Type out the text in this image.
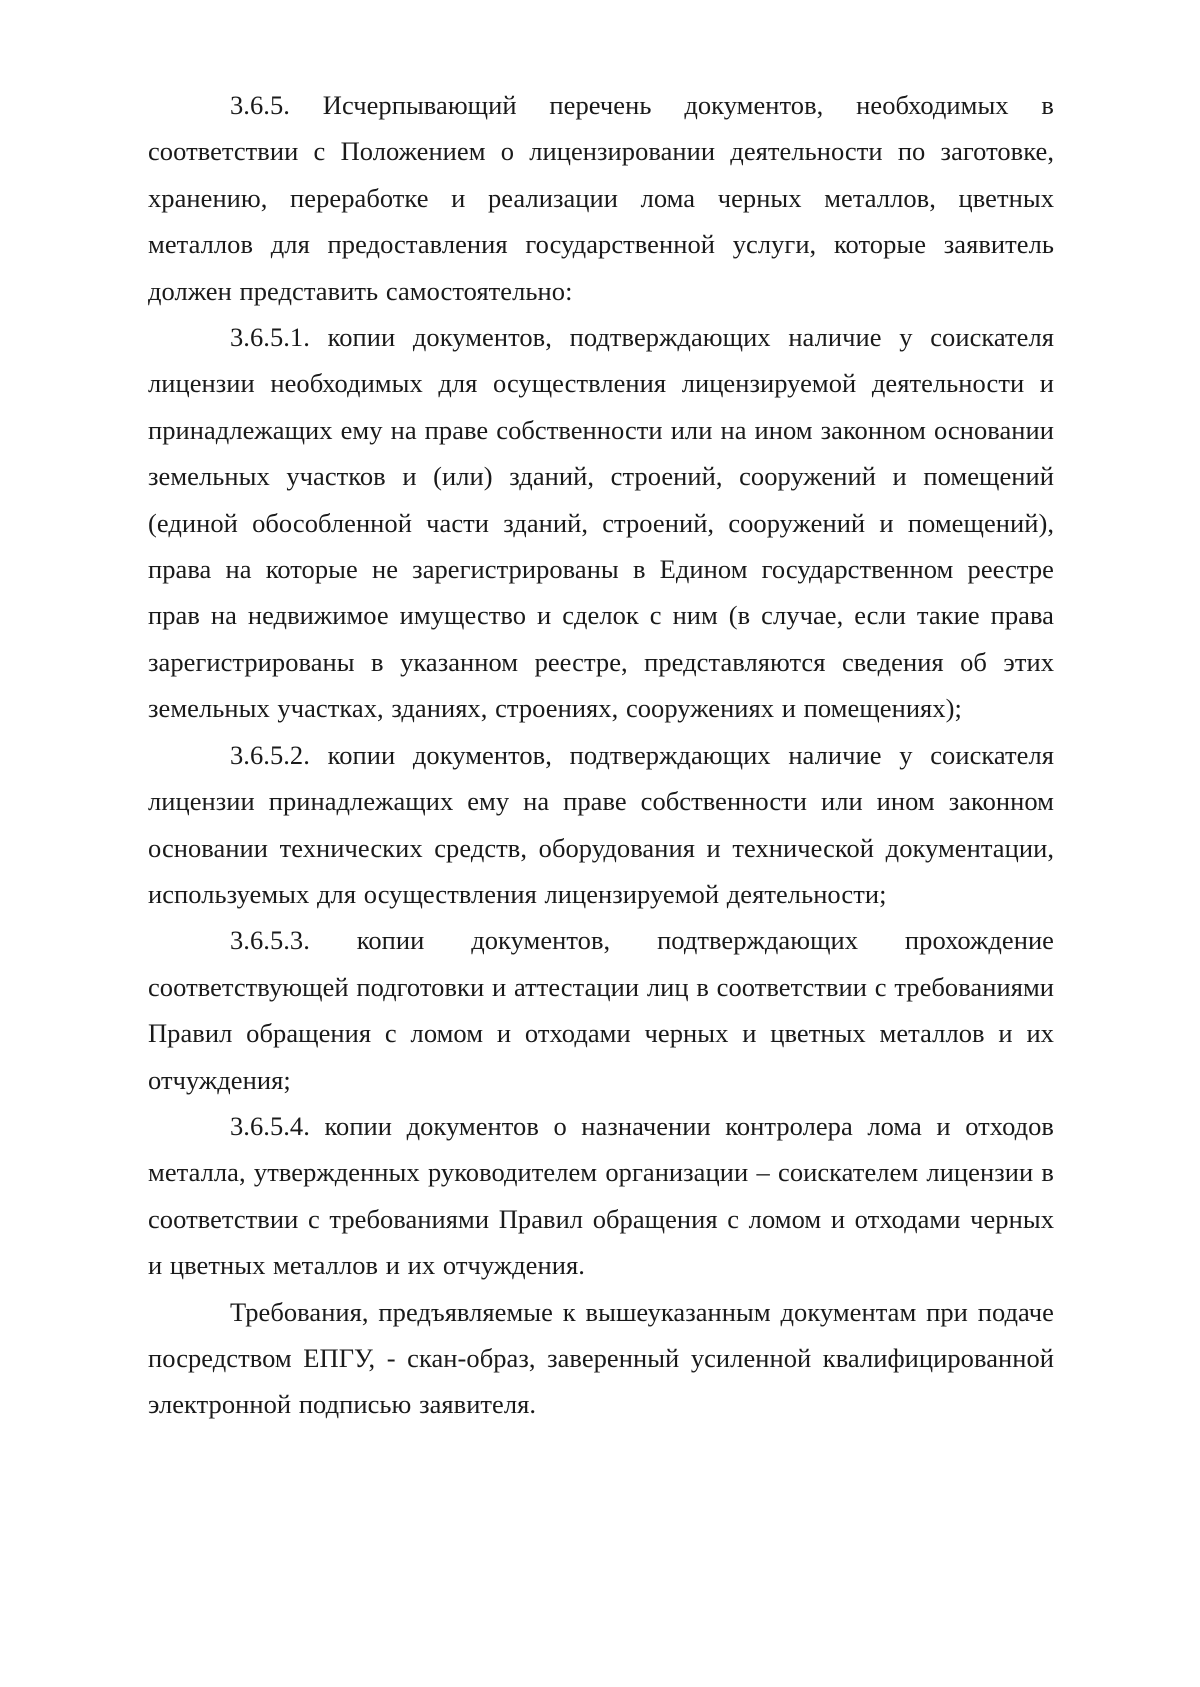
3.6.5. Исчерпывающий перечень документов, необходимых в соответствии с Положением о лицензировании деятельности по заготовке, хранению, переработке и реализации лома черных металлов, цветных металлов для предоставления государственной услуги, которые заявитель должен представить самостоятельно:

3.6.5.1. копии документов, подтверждающих наличие у соискателя лицензии необходимых для осуществления лицензируемой деятельности и принадлежащих ему на праве собственности или на ином законном основании земельных участков и (или) зданий, строений, сооружений и помещений (единой обособленной части зданий, строений, сооружений и помещений), права на которые не зарегистрированы в Едином государственном реестре прав на недвижимое имущество и сделок с ним (в случае, если такие права зарегистрированы в указанном реестре, представляются сведения об этих земельных участках, зданиях, строениях, сооружениях и помещениях);

3.6.5.2. копии документов, подтверждающих наличие у соискателя лицензии принадлежащих ему на праве собственности или ином законном основании технических средств, оборудования и технической документации, используемых для осуществления лицензируемой деятельности;

3.6.5.3. копии документов, подтверждающих прохождение соответствующей подготовки и аттестации лиц в соответствии с требованиями Правил обращения с ломом и отходами черных и цветных металлов и их отчуждения;

3.6.5.4. копии документов о назначении контролера лома и отходов металла, утвержденных руководителем организации – соискателем лицензии в соответствии с требованиями Правил обращения с ломом и отходами черных и цветных металлов и их отчуждения.

Требования, предъявляемые к вышеуказанным документам при подаче посредством ЕПГУ, - скан-образ, заверенный усиленной квалифицированной электронной подписью заявителя.
